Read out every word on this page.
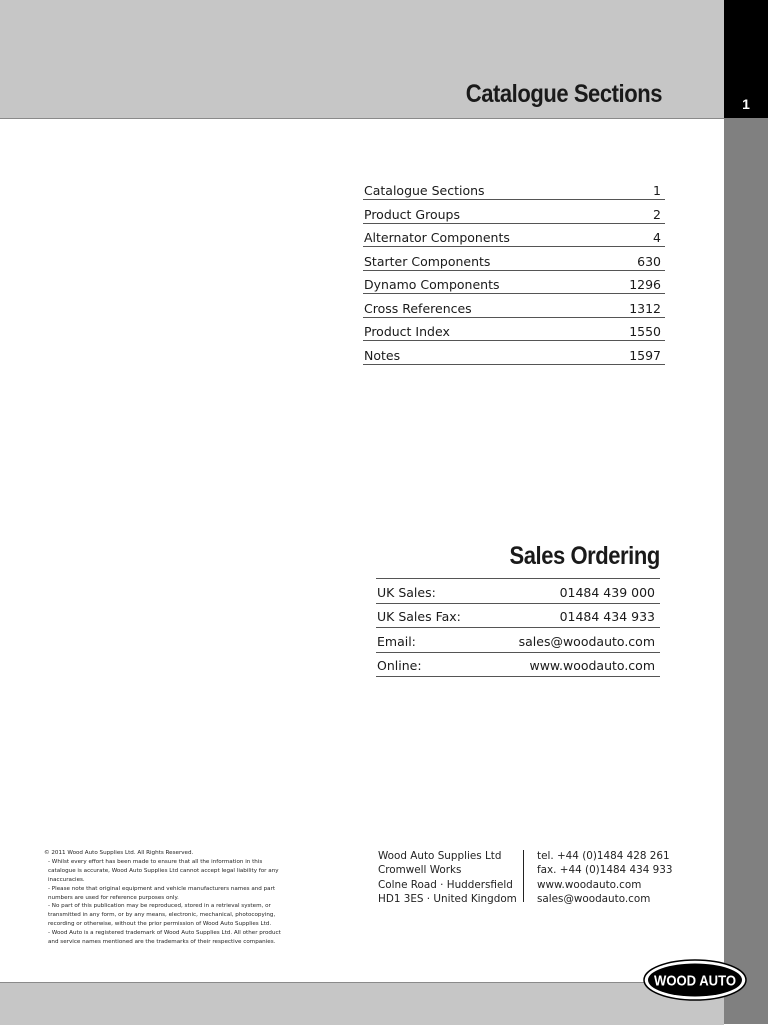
Catalogue Sections	1
Catalogue Sections	1
Product Groups	2
Alternator Components	4
Starter Components	630
Dynamo Components	1296
Cross References	1312
Product Index	1550
Notes	1597
Sales Ordering
UK Sales:	01484 439 000
UK Sales Fax:	01484 434 933
Email:	sales@woodauto.com
Online:	www.woodauto.com
© 2011 Wood Auto Supplies Ltd. All Rights Reserved.
- Whilst every effort has been made to ensure that all the information in this
catalogue is accurate, Wood Auto Supplies Ltd cannot accept legal liability for any
inaccuracies.
- Please note that original equipment and vehicle manufacturers names and part
numbers are used for reference purposes only.
- No part of this publication may be reproduced, stored in a retrieval system, or
transmitted in any form, or by any means, electronic, mechanical, photocopying,
recording or otherwise, without the prior permission of Wood Auto Supplies Ltd.
- Wood Auto is a registered trademark of Wood Auto Supplies Ltd. All other product
and service names mentioned are the trademarks of their respective companies.
Wood Auto Supplies Ltd
Cromwell Works
Colne Road · Huddersfield
HD1 3ES · United Kingdom
tel. +44 (0)1484 428 261
fax. +44 (0)1484 434 933
www.woodauto.com
sales@woodauto.com
WOOD AUTO
